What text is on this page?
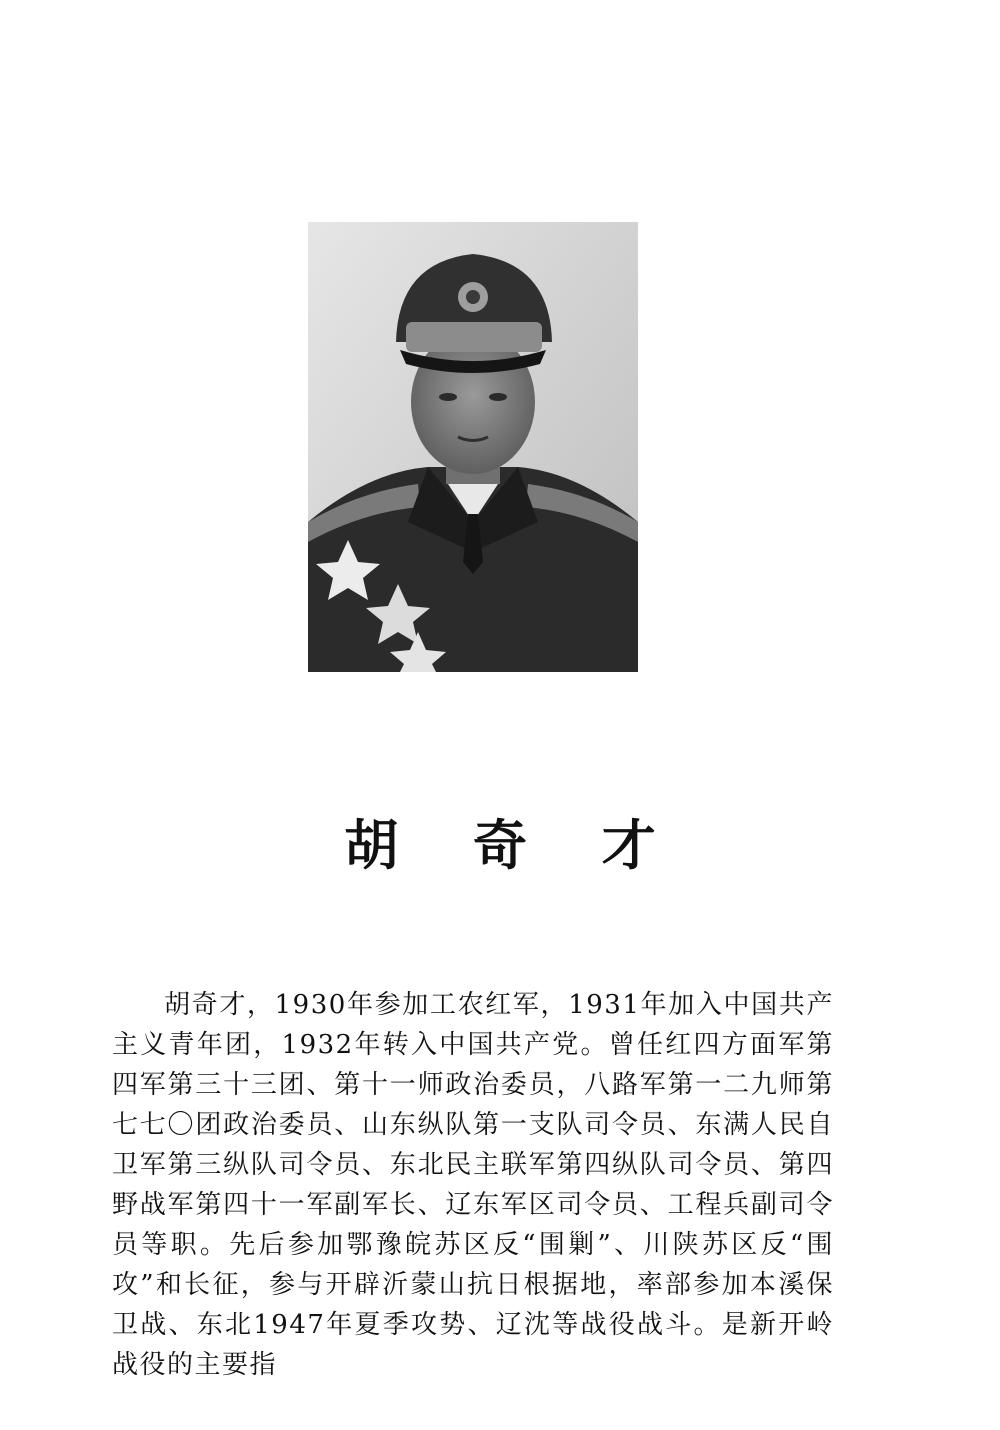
胡 奇 才

胡奇才，1930年参加工农红军，1931年加入中国共产主义青年团，1932年转入中国共产党。曾任红四方面军第四军第三十三团、第十一师政治委员，八路军第一二九师第七七〇团政治委员、山东纵队第一支队司令员、东满人民自卫军第三纵队司令员、东北民主联军第四纵队司令员、第四野战军第四十一军副军长、辽东军区司令员、工程兵副司令员等职。先后参加鄂豫皖苏区反“围剿”、川陕苏区反“围攻”和长征，参与开辟沂蒙山抗日根据地，率部参加本溪保卫战、东北1947年夏季攻势、辽沈等战役战斗。是新开岭战役的主要指
